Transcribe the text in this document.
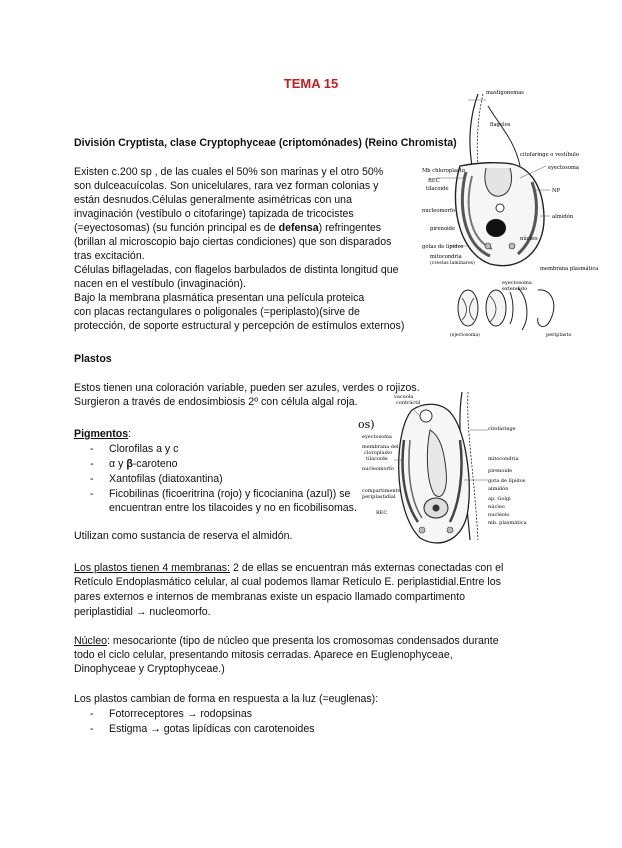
TEMA 15
División Cryptista, clase Cryptophyceae (criptomónades) (Reino Chromista)
Existen c.200 sp , de las cuales el 50% son marinas y el otro 50%
son dulceacuícolas. Son unicelulares, rara vez forman colonias y
están desnudos.Células generalmente asimétricas con una
invaginación (vestíbulo o citofaringe) tapizada de tricocistes
(=eyectosomas) (su función principal es de defensa) refringentes
(brillan al microscopio bajo ciertas condiciones) que son disparados
tras excitación.
Células biflageladas, con flagelos barbulados de distinta longitud que
nacen en el vestíbulo (invaginación).
Bajo la membrana plasmática presentan una película proteica
con placas rectangulares o poligonales (=periplasto)(sirve de
protección, de soporte estructural y percepción de estímulos externos)
Plastos
Estos tienen una coloración variable, pueden ser azules, verdes o rojizos.
Surgieron a través de endosimbiosis 2º con célula algal roja.
Pigmentos:
- Clorofilas a y c
- α y β-caroteno
- Xantofilas (diatoxantina)
- Ficobilinas (ficoeritrina (rojo) y ficocianina (azul)) se
encuentran entre los tilacoides y no en ficobilisomas.
Utilizan como sustancia de reserva el almidón.
Los plastos tienen 4 membranas: 2 de ellas se encuentran más externas conectadas con el
Retículo Endoplasmático celular, al cual podemos llamar Retículo E. periplastidial.Entre los
pares externos e internos de membranas existe un espacio llamado compartimento
periplastidial → nucleomorfo.
Núcleo: mesocarionte (tipo de núcleo que presenta los cromosomas condensados durante
todo el ciclo celular, presentando mitosis cerradas. Aparece en Euglenophyceae,
Dinophyceae y Cryptophyceae.)
Los plastos cambian de forma en respuesta a la luz (=euglenas):
- Fotorreceptores → rodopsinas
- Estigma → gotas lipídicas con carotenoides
mastigonemas
flagelos
citofaringe o vestíbulo
Mb chloroplasto	eyectosoma
REC
NP
tilacoide
nucleomorfo
almidón
pirenoide
gotas de lípidos
mitocondria
(crestas laminares)
núcleo
membrana plasmática
eyectosoma
extendido
(ejectosoma)	periplasto
os)
vacuola
contráctil
eyectosoma
membrana del
cloroplasto
tilacoide
nucleomorfo
compartimento
periplastidial
REC
citofaringe
mitocondria
pirenoide
gota de lípidos
almidón
ap. Golgi
núcleo
nucléolo
mb. plasmática
